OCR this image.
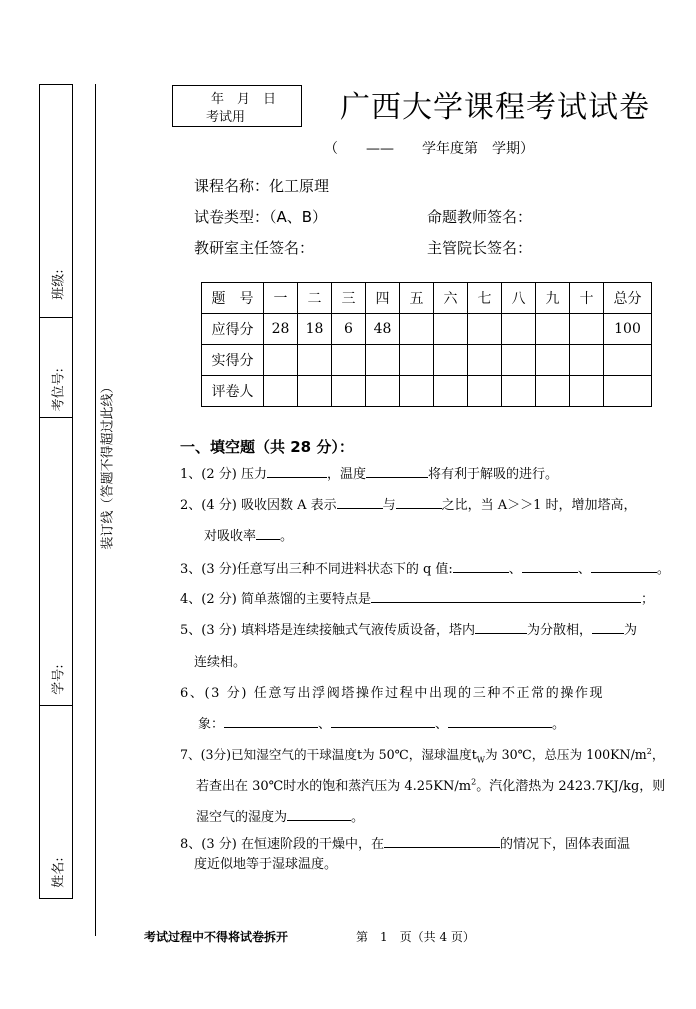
班级:
考位号:
学号:
姓名:
装订线（答题不得超过此线）
年　月　日
考试用	广西大学课程考试试卷
（　　——　　学年度第　学期）
课程名称：化工原理
试卷类型：（A、B）	命题教师签名：
教研室主任签名：	主管院长签名：
题　号	一	二	三	四	五	六	七	八	九	十	总分
应得分	28	18	6	48							100
实得分											
评卷人											
一、填空题（共 28 分）：
1、(2 分) 压力	，温度	将有利于解吸的进行。
2、(4 分) 吸收因数 A 表示	与	之比，当 A＞＞1 时，增加塔高，
对吸收率 。
3、(3 分)任意写出三种不同进料状态下的 q 值:	、	、	。
4、(2 分) 简单蒸馏的主要特点是	；
5、(3 分) 填料塔是连续接触式气液传质设备，塔内	为分散相， 为
连续相。
6、(3 分) 任意写出浮阀塔操作过程中出现的三种不正常的操作现
象：	、	、	。
7、(3分)已知湿空气的干球温度t为 50℃，湿球温度$t_W$为 30℃，总压为 $100KN/m^2$，
若查出在 30℃时水的饱和蒸汽压为 $4.25KN/m^2$。汽化潜热为 2423.7KJ/kg，则
湿空气的湿度为	。
8、(3 分) 在恒速阶段的干燥中，在	的情况下，固体表面温
度近似地等于湿球温度。
考试过程中不得将试卷拆开	第　1　页（共 4 页）
